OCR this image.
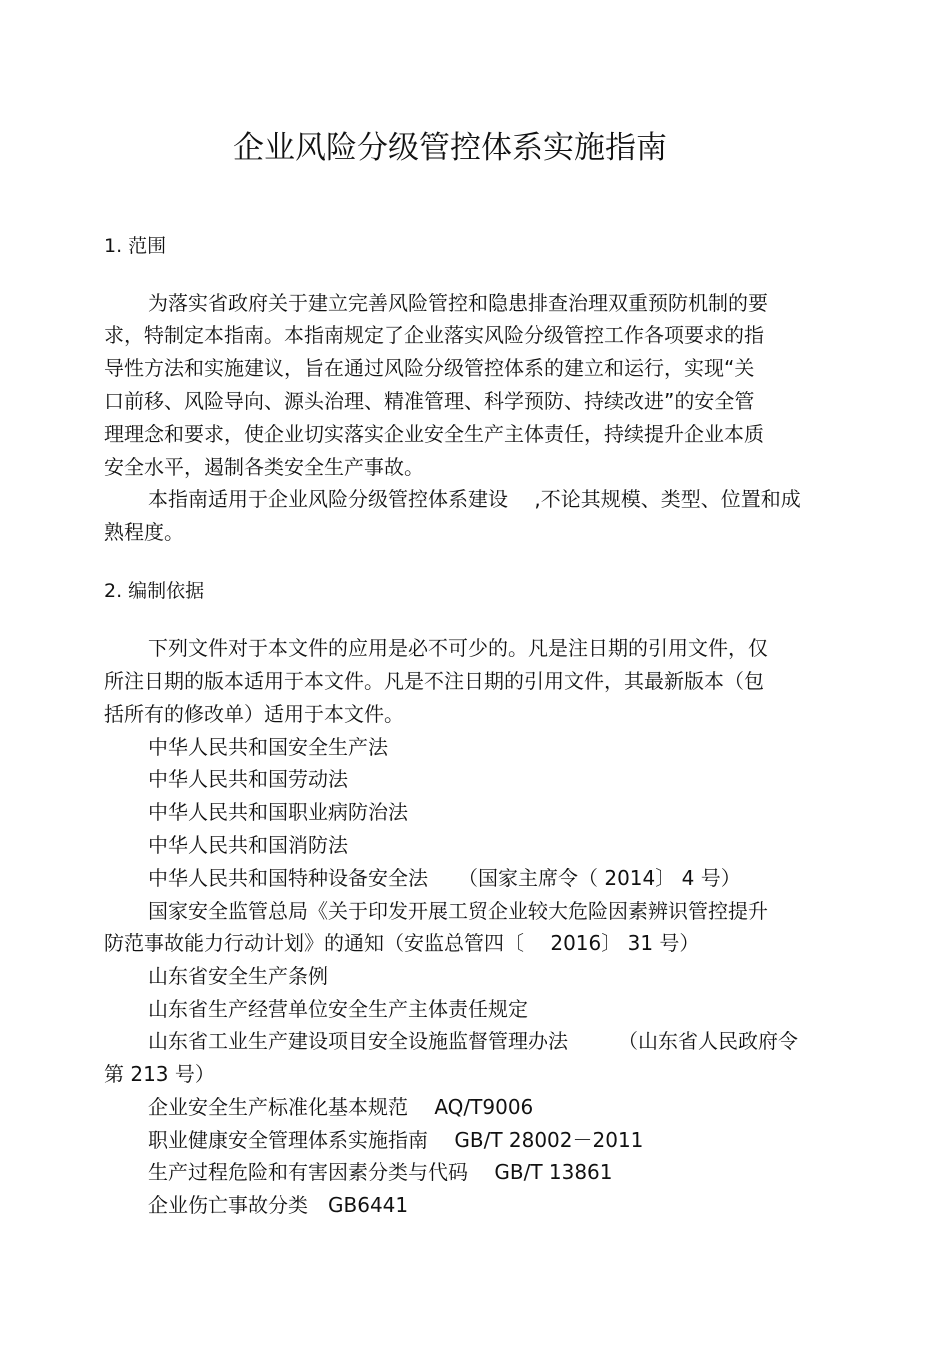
企业风险分级管控体系实施指南
1. 范围
为落实省政府关于建立完善风险管控和隐患排查治理双重预防机制的要
求，特制定本指南。本指南规定了企业落实风险分级管控工作各项要求的指
导性方法和实施建议，旨在通过风险分级管控体系的建立和运行，实现“关
口前移、风险导向、源头治理、精准管理、科学预防、持续改进”的安全管
理理念和要求，使企业切实落实企业安全生产主体责任，持续提升企业本质
安全水平，遏制各类安全生产事故。
本指南适用于企业风险分级管控体系建设　 ,不论其规模、类型、位置和成
熟程度。
2. 编制依据
下列文件对于本文件的应用是必不可少的。凡是注日期的引用文件，仅
所注日期的版本适用于本文件。凡是不注日期的引用文件，其最新版本（包
括所有的修改单）适用于本文件。
中华人民共和国安全生产法
中华人民共和国劳动法
中华人民共和国职业病防治法
中华人民共和国消防法
中华人民共和国特种设备安全法　　（国家主席令（ 2014〕 4 号）
国家安全监管总局《关于印发开展工贸企业较大危险因素辨识管控提升
防范事故能力行动计划》的通知（安监总管四〔　 2016〕 31 号）
山东省安全生产条例
山东省生产经营单位安全生产主体责任规定
山东省工业生产建设项目安全设施监督管理办法　　　（山东省人民政府令
第 213 号）
企业安全生产标准化基本规范　 AQ/T9006
职业健康安全管理体系实施指南　 GB/T 28002－2011
生产过程危险和有害因素分类与代码　 GB/T 13861
企业伤亡事故分类　GB6441
